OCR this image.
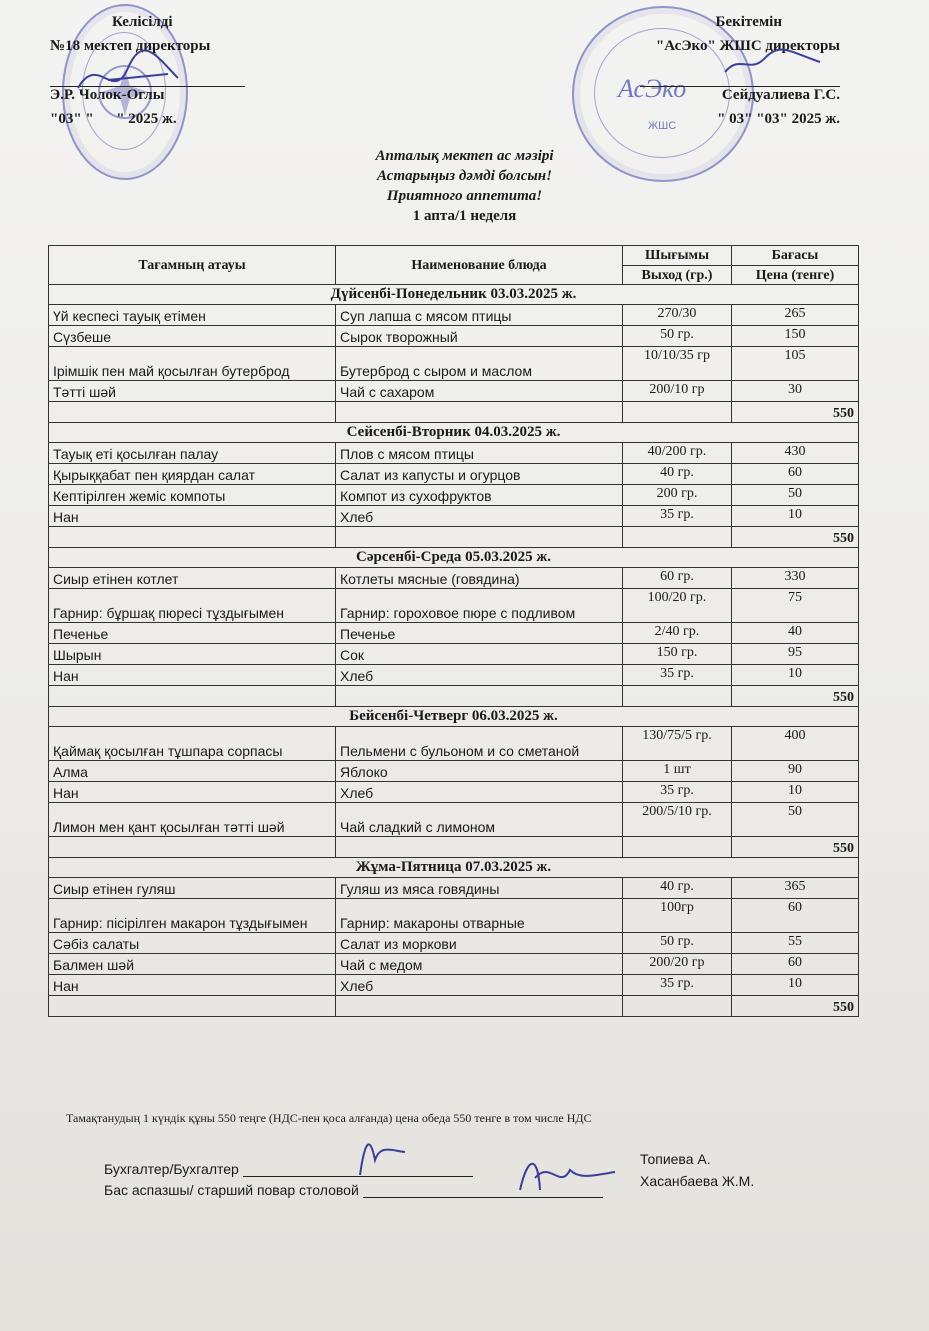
Келісілді
№18 мектеп директоры
Э.Р. Чолок-Оглы
"03" "      " 2025 ж.
АсЭко
ЖШС
Бекітемін
"АсЭко" ЖШС директоры
Сейдуалиева Г.С.
" 03" "03" 2025 ж.
Апталық мектеп ас мәзірі
Астарыңыз дәмді болсын!
Приятного аппетита!
1 апта/1 неделя
Тағамның атауы	Наименование блюда	Шығымы	Бағасы
		Выход (гр.)	Цена (тенге)
Дүйсенбі-Понедельник 03.03.2025 ж.			
Үй кеспесі тауық етімен	Суп лапша с мясом птицы	270/30	265
Сүзбеше	Сырок творожный	50 гр.	150
Ірімшік пен май қосылған бутерброд	Бутерброд с сыром и маслом	10/10/35 гр	105
Тәтті шәй	Чай с сахаром	200/10 гр	30
			550
Сейсенбі-Вторник 04.03.2025 ж.			
Тауық еті қосылған палау	Плов с мясом птицы	40/200 гр.	430
Қырыққабат пен қиярдан салат	Салат из капусты и огурцов	40 гр.	60
Кептірілген жеміс компоты	Компот из сухофруктов	200 гр.	50
Нан	Хлеб	35 гр.	10
			550
Сәрсенбі-Среда 05.03.2025 ж.			
Сиыр етінен котлет	Котлеты мясные (говядина)	60 гр.	330
Гарнир: бұршақ пюресі тұздығымен	Гарнир: гороховое пюре с подливом	100/20 гр.	75
Печенье	Печенье	2/40 гр.	40
Шырын	Сок	150 гр.	95
Нан	Хлеб	35 гр.	10
			550
Бейсенбі-Четверг 06.03.2025 ж.			
Қаймақ қосылған тұшпара сорпасы	Пельмени с бульоном и со сметаной	130/75/5 гр.	400
Алма	Яблоко	1 шт	90
Нан	Хлеб	35 гр.	10
Лимон мен қант қосылған тәтті шәй	Чай сладкий с лимоном	200/5/10 гр.	50
			550
Жұма-Пятница 07.03.2025 ж.			
Сиыр етінен гуляш	Гуляш из мяса говядины	40 гр.	365
Гарнир: пісірілген макарон тұздығымен	Гарнир: макароны отварные	100гр	60
Сәбіз салаты	Салат из моркови	50 гр.	55
Балмен шәй	Чай с медом	200/20 гр	60
Нан	Хлеб	35 гр.	10
			550
Тамақтанудың 1 күндік құны 550 теңге (НДС-пен қоса алғанда) цена обеда 550 тенге в том числе НДС
Бухгалтер/Бухгалтер
Топиева А.
Бас аспазшы/ старший повар столовой
Хасанбаева Ж.М.
